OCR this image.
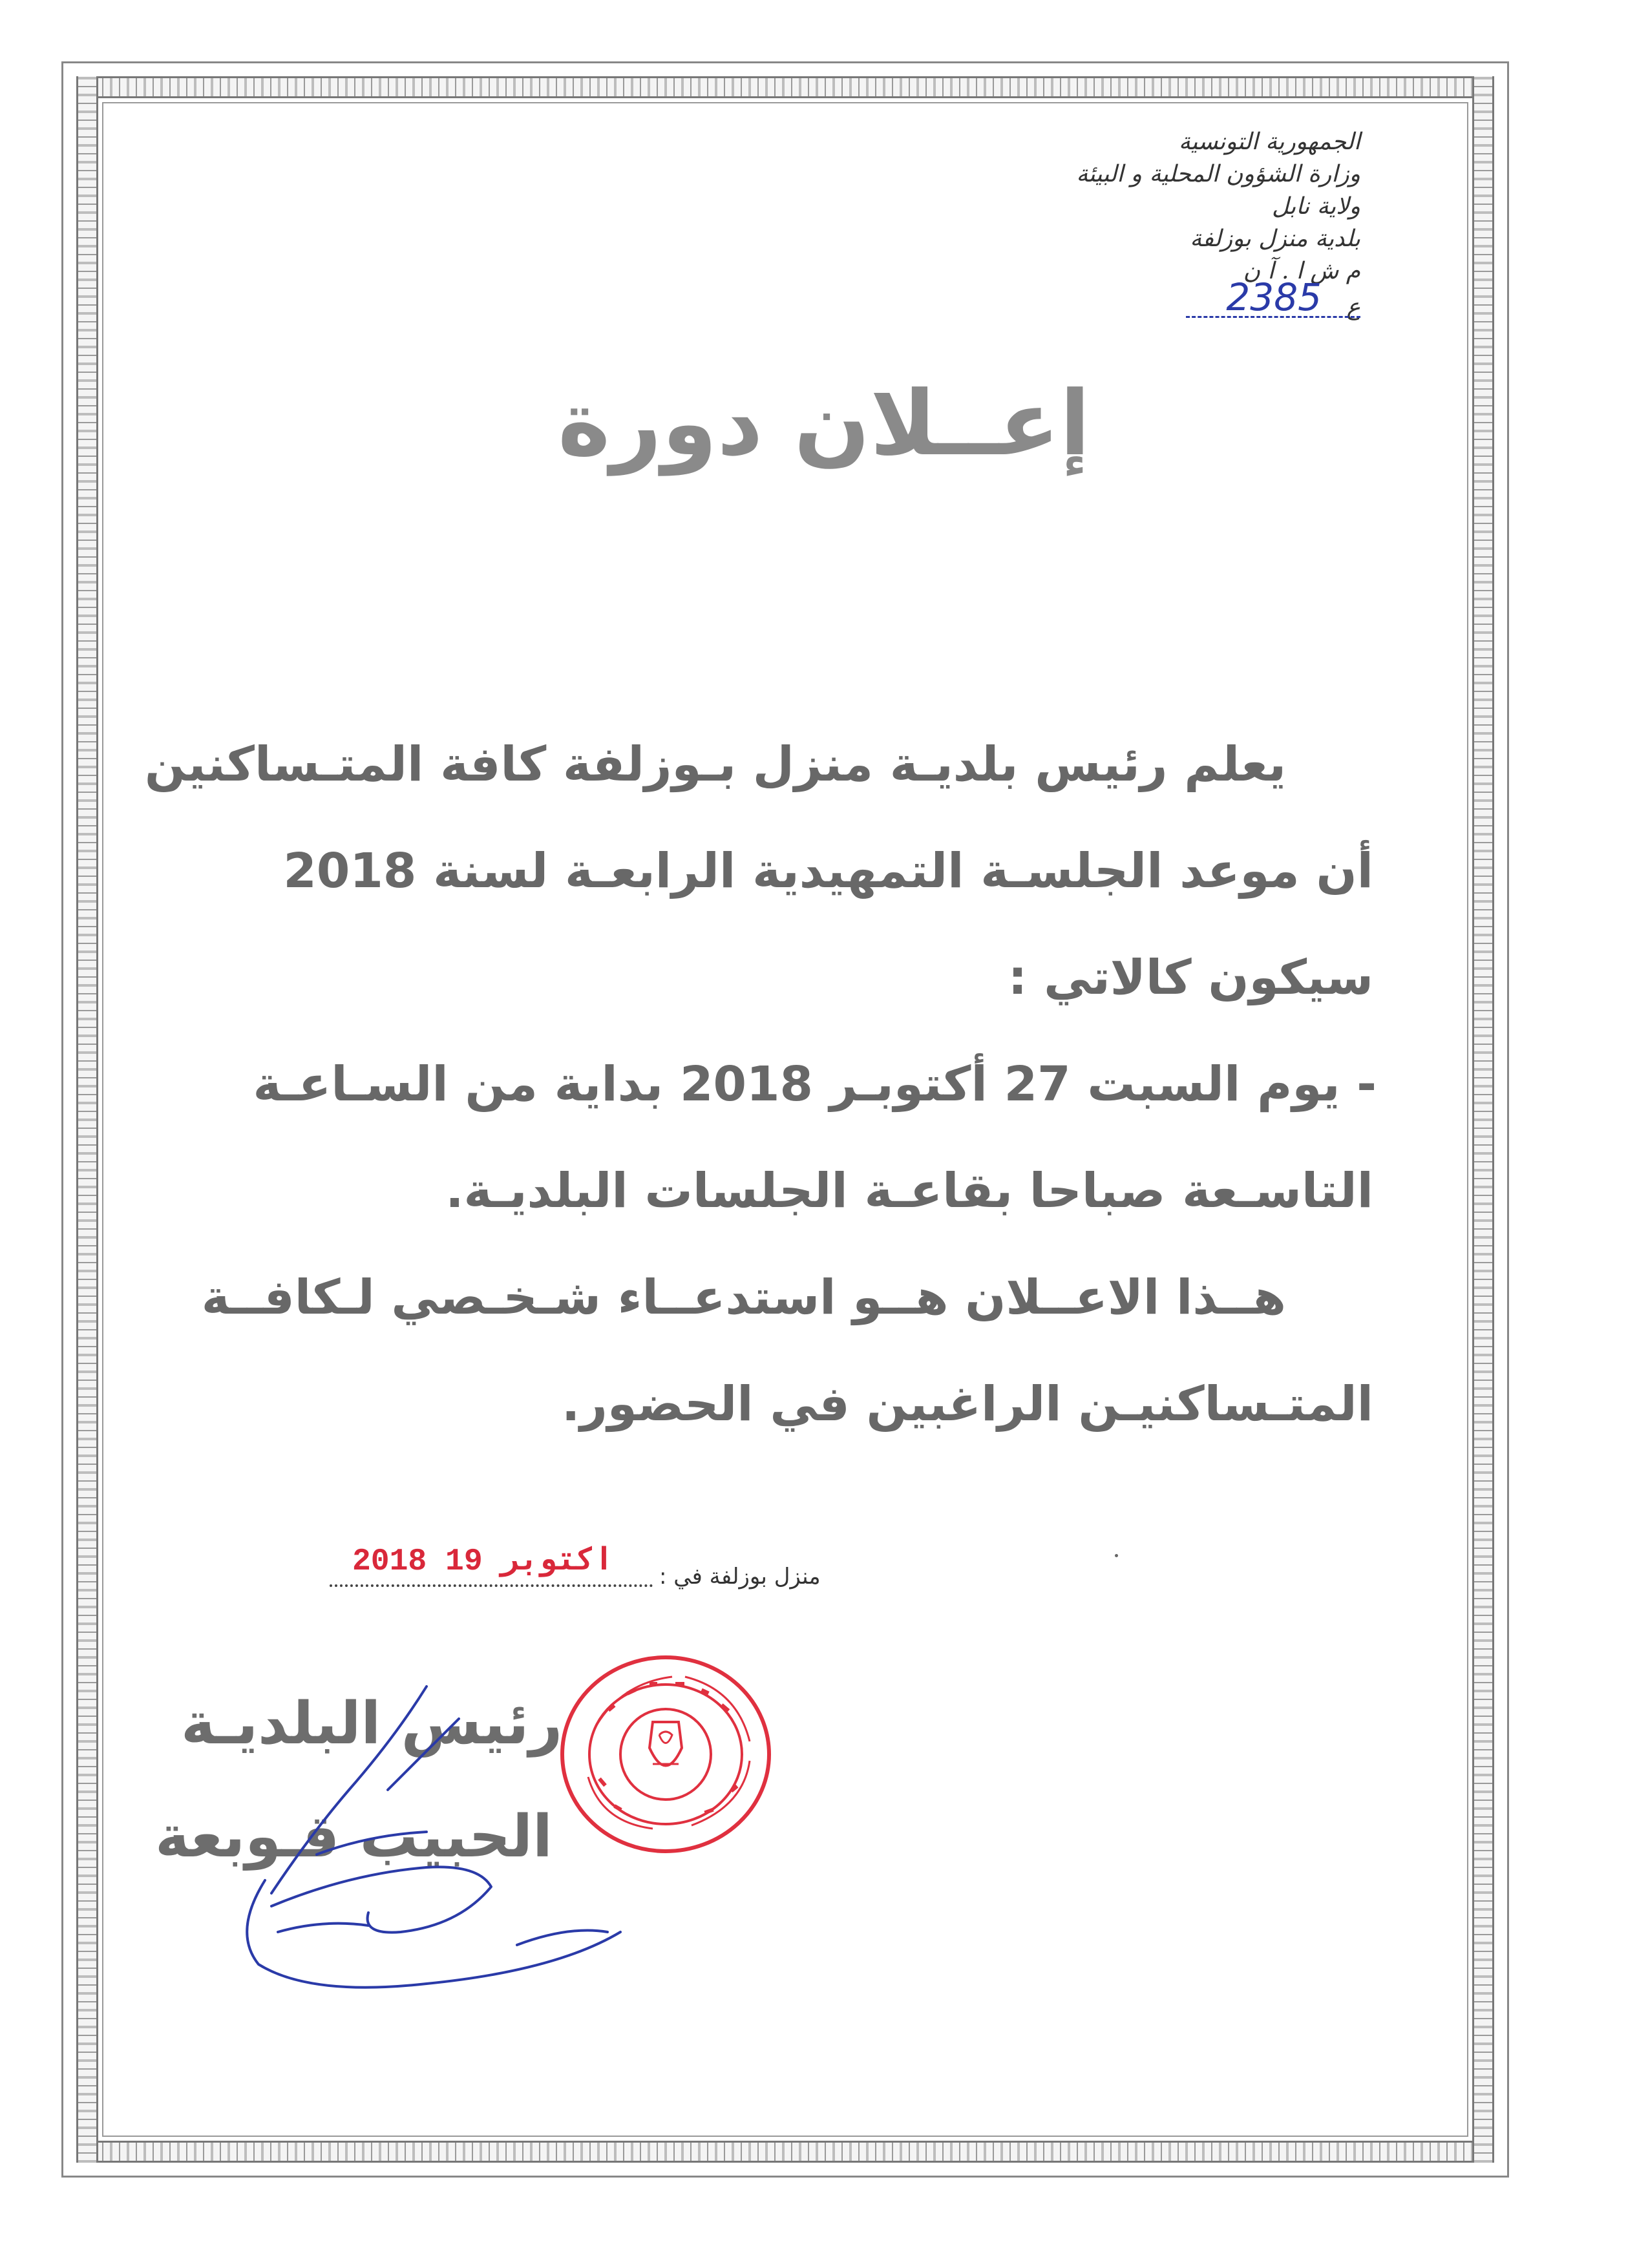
الجمهورية التونسية
وزارة الشؤون المحلية و البيئة
ولاية نابل
بلدية منزل بوزلفة
م ش ا . آ ن
ع
2385
إعــلان دورة
يعلم رئيس بلديـة منزل بـوزلفة كافة المتـساكنين
أن موعد الجلسـة التمهيدية الرابعـة لسنة 2018
سيكون كالاتي :
- يوم السبت 27 أكتوبـر 2018 بداية من السـاعـة
التاسـعة صباحا بقاعـة الجلسات البلديـة.
هــذا الاعــلان هــو استدعــاء شـخـصي لـكافــة
المتـساكنيـن الراغبين في الحضور.
منزل بوزلفة في :
2018 اكتوبر 19
رئيس البلديـة
الحبيب قـوبعة
